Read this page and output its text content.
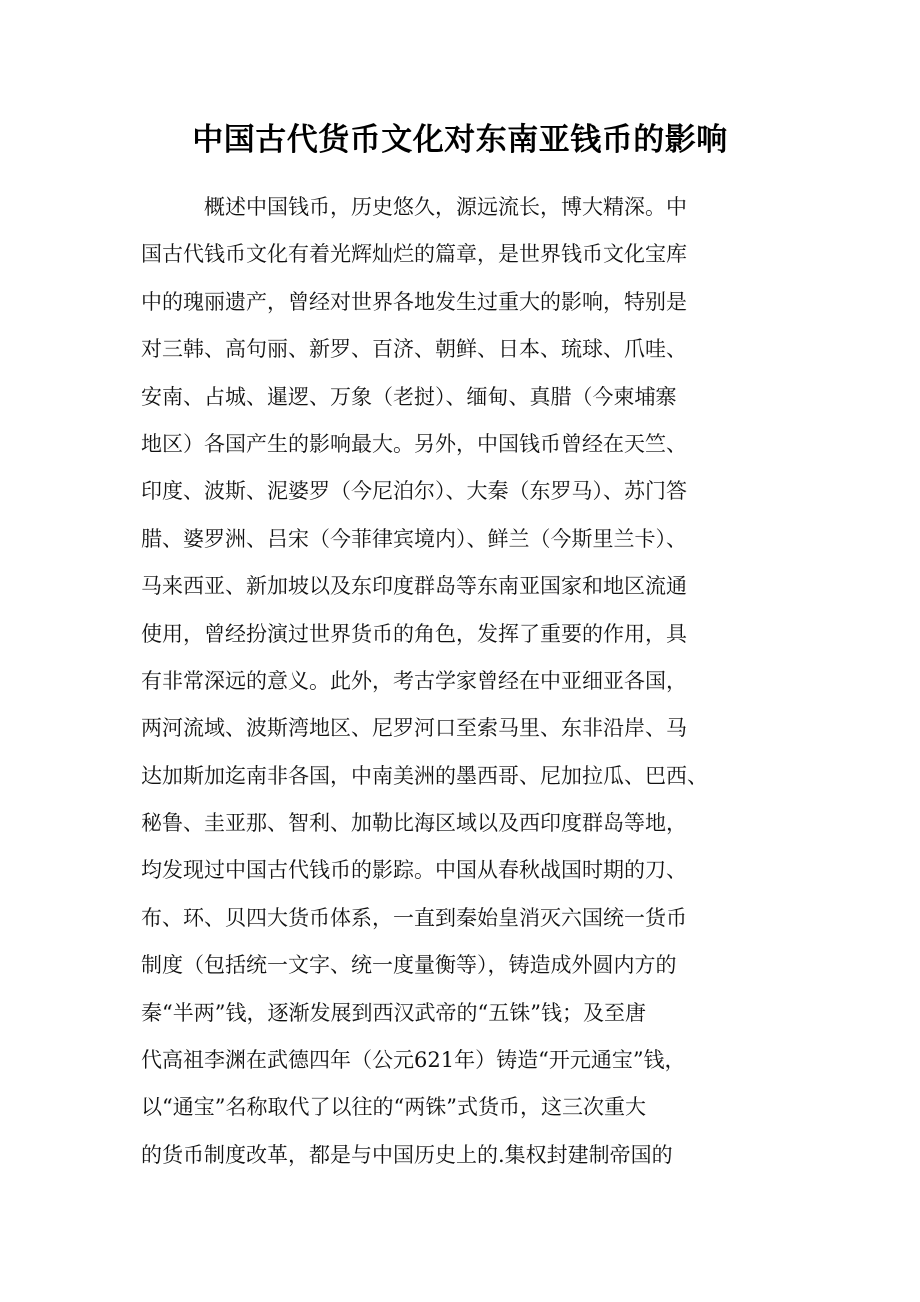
中国古代货币文化对东南亚钱币的影响
概述中国钱币，历史悠久，源远流长，博大精深。中
国古代钱币文化有着光辉灿烂的篇章，是世界钱币文化宝库
中的瑰丽遗产，曾经对世界各地发生过重大的影响，特别是
对三韩、高句丽、新罗、百济、朝鲜、日本、琉球、爪哇、
安南、占城、暹逻、万象（老挝）、缅甸、真腊（今柬埔寨
地区）各国产生的影响最大。另外，中国钱币曾经在天竺、
印度、波斯、泥婆罗（今尼泊尔）、大秦（东罗马）、苏门答
腊、婆罗洲、吕宋（今菲律宾境内）、鲜兰（今斯里兰卡）、
马来西亚、新加坡以及东印度群岛等东南亚国家和地区流通
使用，曾经扮演过世界货币的角色，发挥了重要的作用，具
有非常深远的意义。此外，考古学家曾经在中亚细亚各国，
两河流域、波斯湾地区、尼罗河口至索马里、东非沿岸、马
达加斯加迄南非各国，中南美洲的墨西哥、尼加拉瓜、巴西、
秘鲁、圭亚那、智利、加勒比海区域以及西印度群岛等地，
均发现过中国古代钱币的影踪。中国从春秋战国时期的刀、
布、环、贝四大货币体系，一直到秦始皇消灭六国统一货币
制度（包括统一文字、统一度量衡等），铸造成外圆内方的
秦“半两”钱，逐渐发展到西汉武帝的“五铢”钱；及至唐
代高祖李渊在武德四年（公元621年）铸造“开元通宝”钱，
以“通宝”名称取代了以往的“两铢”式货币，这三次重大
的货币制度改革，都是与中国历史上的.集权封建制帝国的
